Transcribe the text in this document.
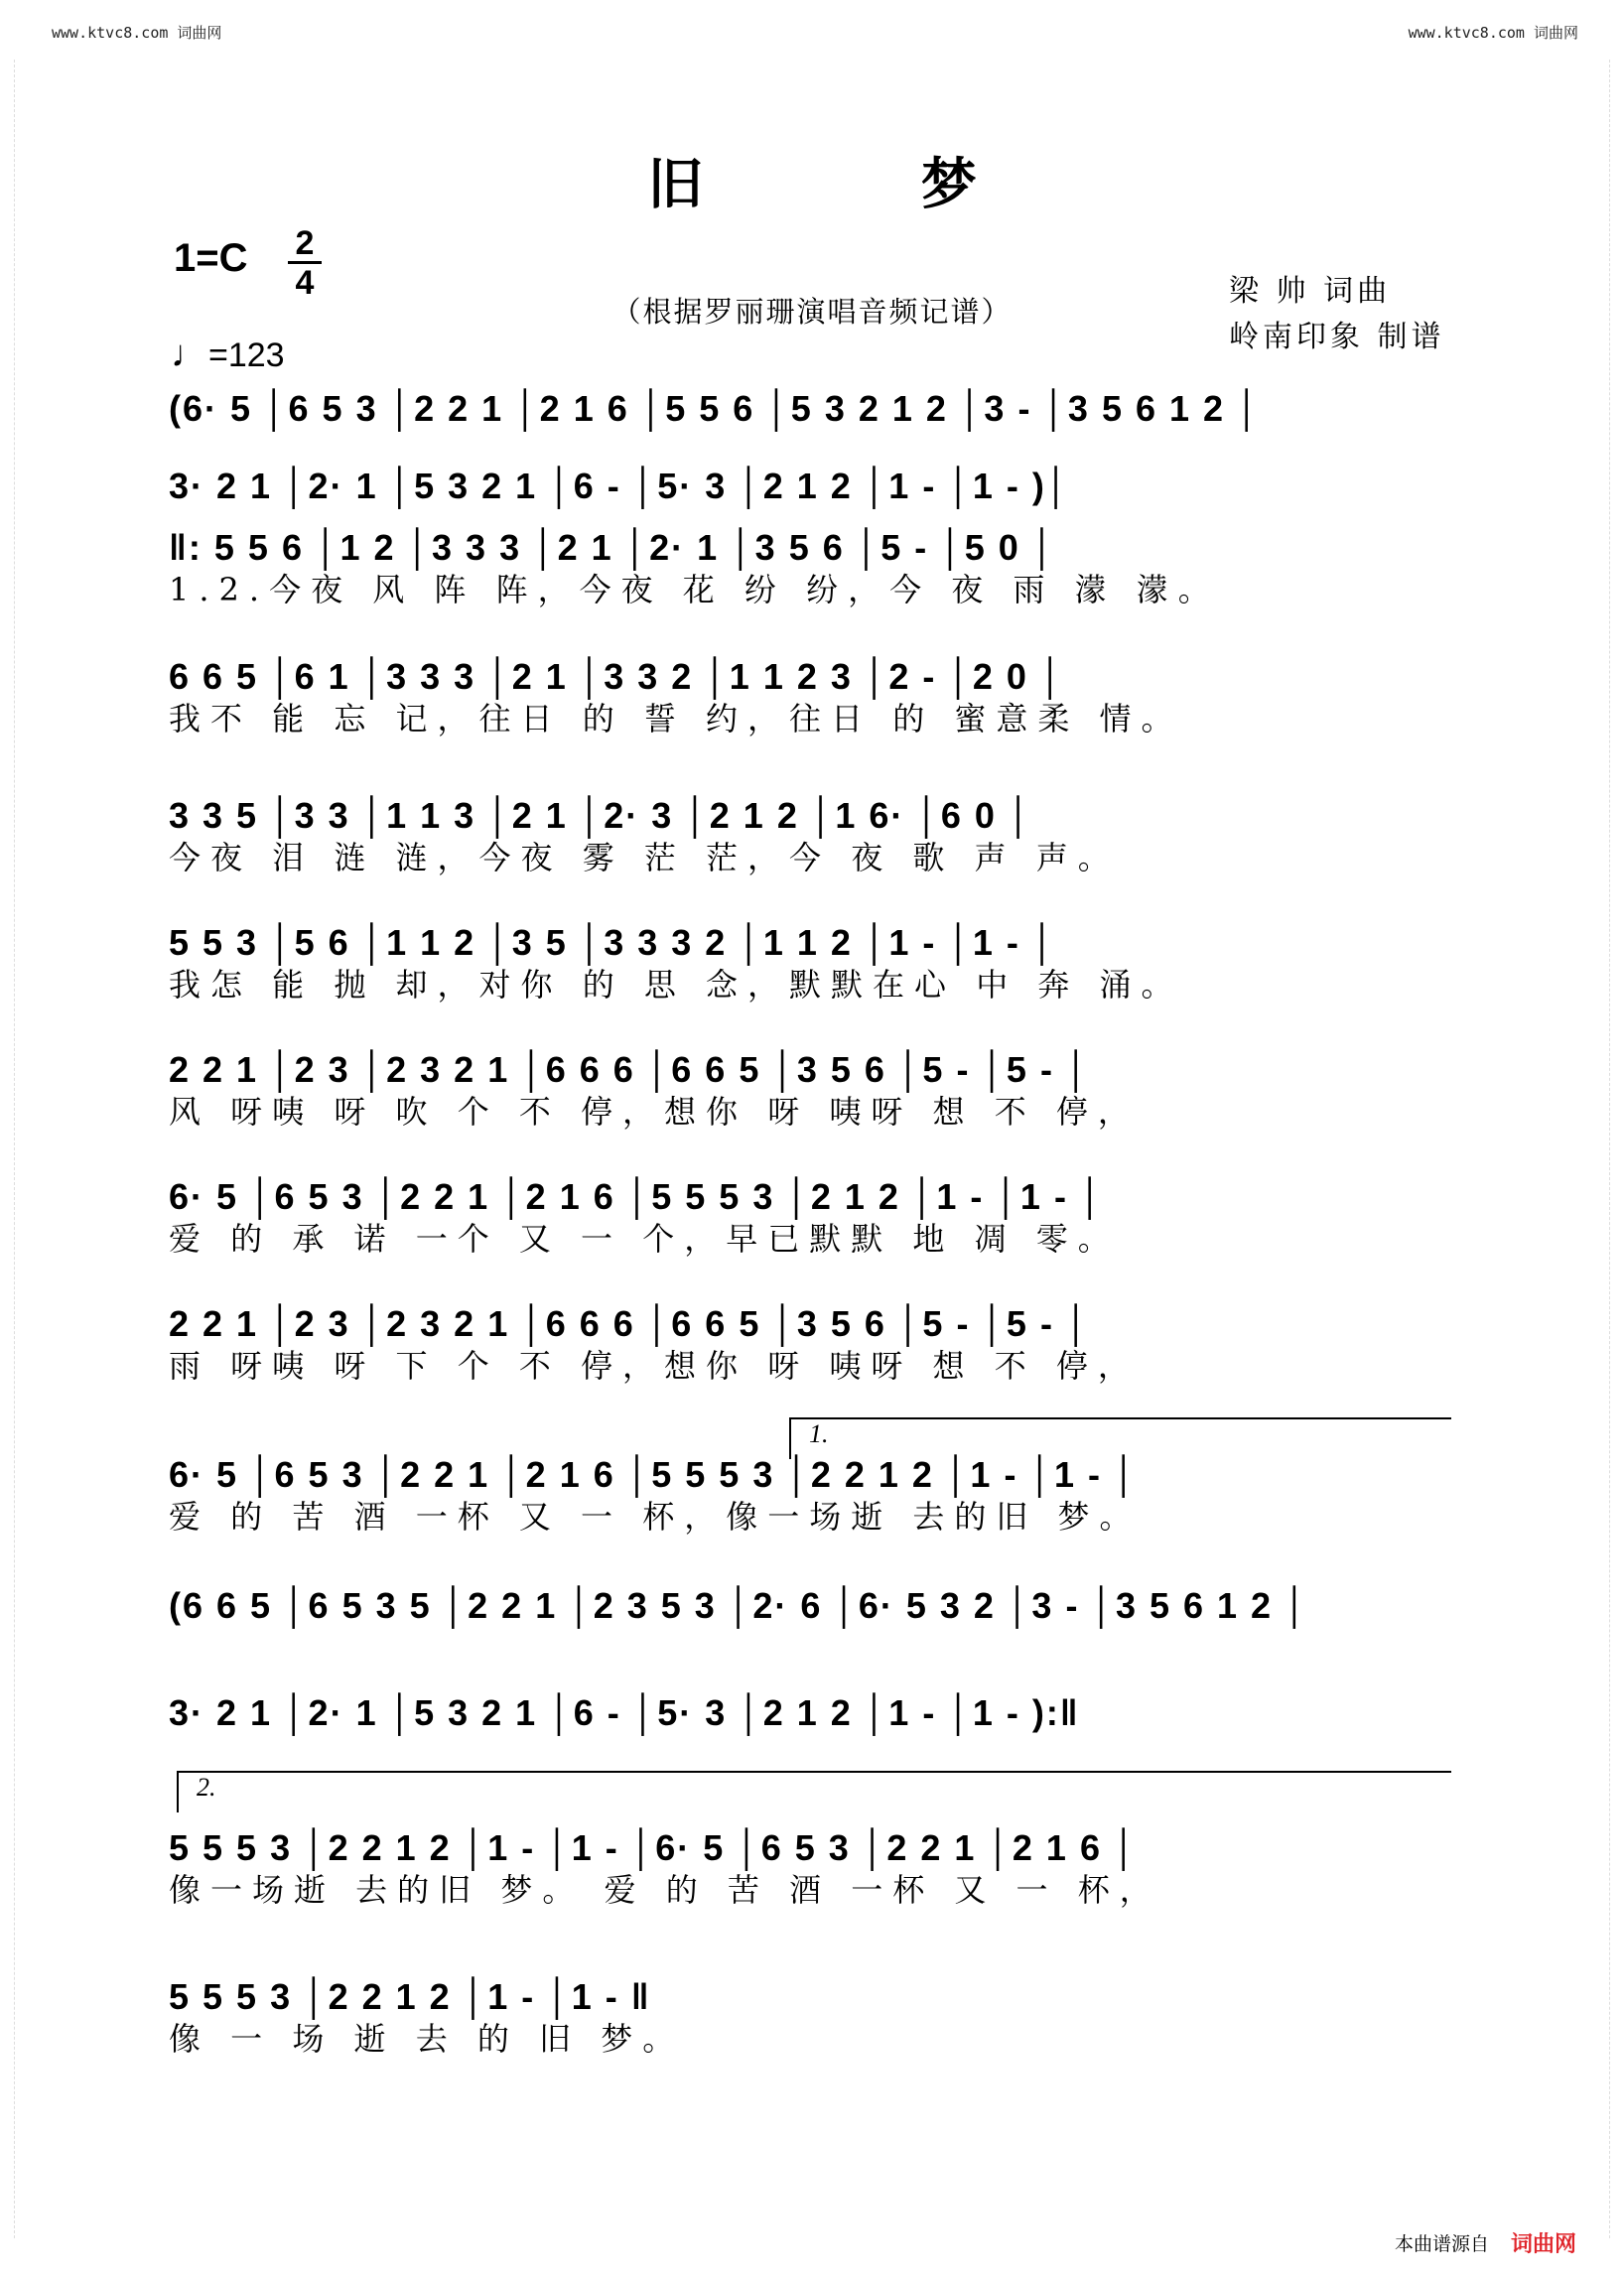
www.ktvc8.com 词曲网	www.ktvc8.com 词曲网
旧 梦
1=C 2
4
（根据罗丽珊演唱音频记谱）
梁 帅 词曲
岭南印象 制谱
♩=123
(6· 5 │6 5 3 │2 2 1 │2 1 6 │5 5 6 │5 3 2 1 2 │3 - │3 5 6 1 2 │
3· 2 1 │2· 1 │5 3 2 1 │6 - │5· 3 │2 1 2 │1 - │1 - )│
‖: 5 5 6 │1 2 │3 3 3 │2 1 │2· 1 │3 5 6 │5 - │5 0 │
1.2.今夜 风 阵 阵，今夜 花 纷 纷，今 夜 雨 濛 濛。
6 6 5 │6 1 │3 3 3 │2 1 │3 3 2 │1 1 2 3 │2 - │2 0 │
我不 能 忘 记，往日 的 誓 约，往日 的 蜜意柔 情。
3 3 5 │3 3 │1 1 3 │2 1 │2· 3 │2 1 2 │1 6· │6 0 │
今夜 泪 涟 涟，今夜 雾 茫 茫，今 夜 歌 声 声。
5 5 3 │5 6 │1 1 2 │3 5 │3 3 3 2 │1 1 2 │1 - │1 - │
我怎 能 抛 却，对你 的 思 念，默默在心 中 奔 涌。
2 2 1 │2 3 │2 3 2 1 │6 6 6 │6 6 5 │3 5 6 │5 - │5 - │
风 呀咦 呀 吹 个 不 停，想你 呀 咦呀 想 不 停，
6· 5 │6 5 3 │2 2 1 │2 1 6 │5 5 5 3 │2 1 2 │1 - │1 - │
爱 的 承 诺 一个 又 一 个，早已默默 地 凋 零。
2 2 1 │2 3 │2 3 2 1 │6 6 6 │6 6 5 │3 5 6 │5 - │5 - │
雨 呀咦 呀 下 个 不 停，想你 呀 咦呀 想 不 停，
6· 5 │6 5 3 │2 2 1 │2 1 6 │5 5 5 3 │2 2 1 2 │1 - │1 - │
爱 的 苦 酒 一杯 又 一 杯，像一场逝 去的旧 梦。
(6 6 5 │6 5 3 5 │2 2 1 │2 3 5 3 │2· 6 │6· 5 3 2 │3 - │3 5 6 1 2 │
3· 2 1 │2· 1 │5 3 2 1 │6 - │5· 3 │2 1 2 │1 - │1 - ):‖
5 5 5 3 │2 2 1 2 │1 - │1 - │6· 5 │6 5 3 │2 2 1 │2 1 6 │
像一场逝 去的旧 梦。 爱 的 苦 酒 一杯 又 一 杯，
5 5 5 3 │2 2 1 2 │1 - │1 - ‖
像 一 场 逝 去 的 旧 梦。
1.
2.
本曲谱源自 词曲网
